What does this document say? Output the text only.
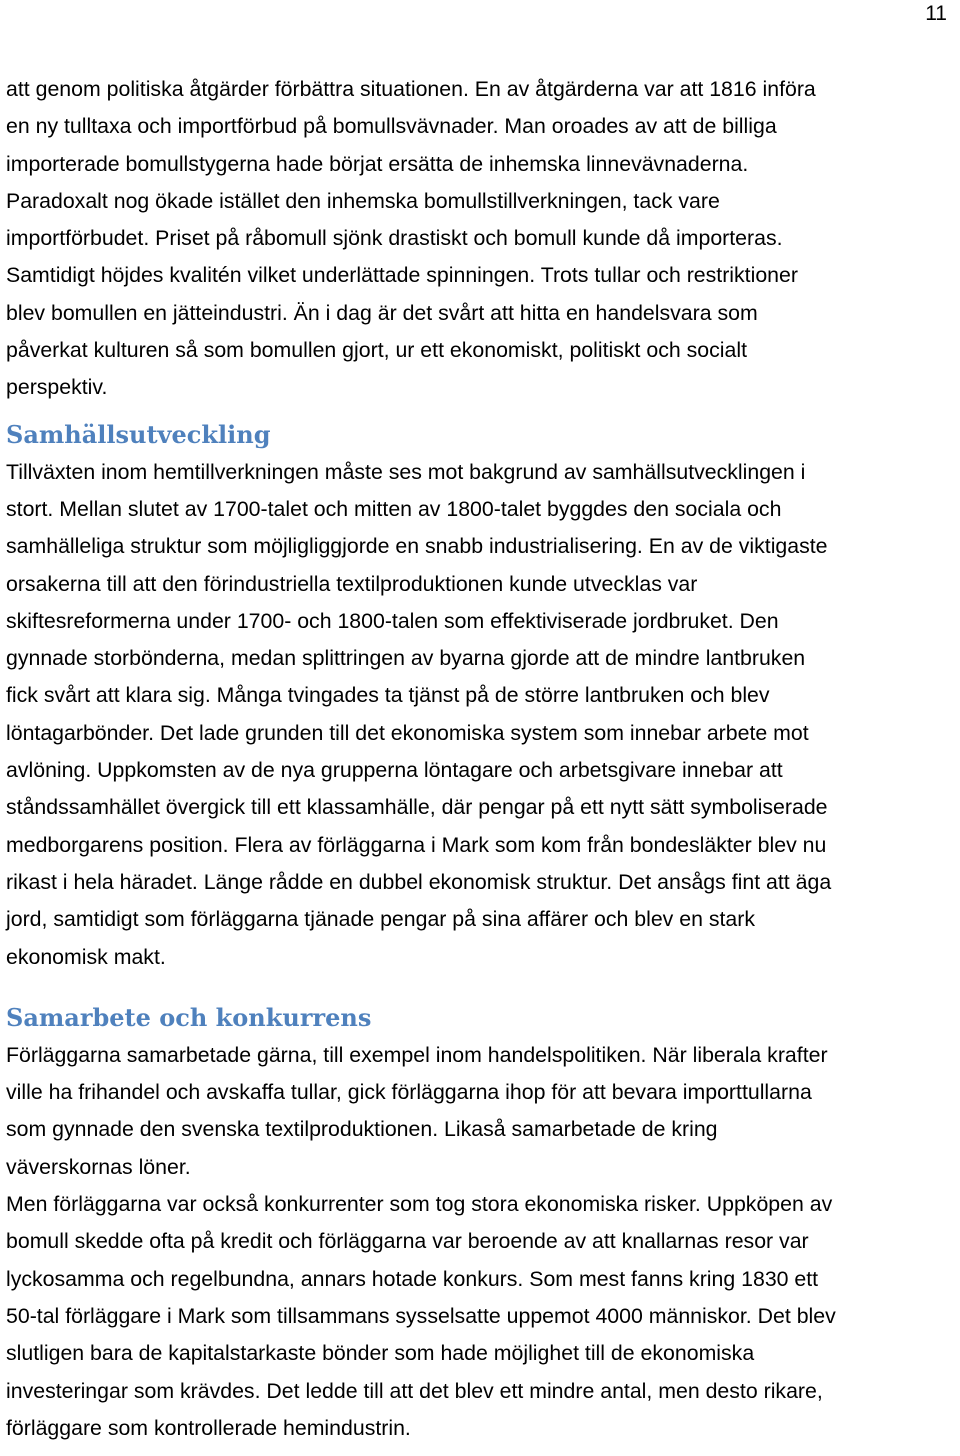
11
att genom politiska åtgärder förbättra situationen. En av åtgärderna var att 1816 införa
en ny tulltaxa och importförbud på bomullsvävnader. Man oroades av att de billiga
importerade bomullstygerna hade börjat ersätta de inhemska linnevävnaderna.
Paradoxalt nog ökade istället den inhemska bomullstillverkningen, tack vare
importförbudet. Priset på råbomull sjönk drastiskt och bomull kunde då importeras.
Samtidigt höjdes kvalitén vilket underlättade spinningen. Trots tullar och restriktioner
blev bomullen en jätteindustri. Än i dag är det svårt att hitta en handelsvara som
påverkat kulturen så som bomullen gjort, ur ett ekonomiskt, politiskt och socialt
perspektiv.
Samhällsutveckling
Tillväxten inom hemtillverkningen måste ses mot bakgrund av samhällsutvecklingen i
stort. Mellan slutet av 1700-talet och mitten av 1800-talet byggdes den sociala och
samhälleliga struktur som möjligliggjorde en snabb industrialisering. En av de viktigaste
orsakerna till att den förindustriella textilproduktionen kunde utvecklas var
skiftesreformerna under 1700- och 1800-talen som effektiviserade jordbruket. Den
gynnade storbönderna, medan splittringen av byarna gjorde att de mindre lantbruken
fick svårt att klara sig. Många tvingades ta tjänst på de större lantbruken och blev
löntagarbönder. Det lade grunden till det ekonomiska system som innebar arbete mot
avlöning. Uppkomsten av de nya grupperna löntagare och arbetsgivare innebar att
ståndssamhället övergick till ett klassamhälle, där pengar på ett nytt sätt symboliserade
medborgarens position. Flera av förläggarna i Mark som kom från bondesläkter blev nu
rikast i hela häradet. Länge rådde en dubbel ekonomisk struktur. Det ansågs fint att äga
jord, samtidigt som förläggarna tjänade pengar på sina affärer och blev en stark
ekonomisk makt.
Samarbete och konkurrens
Förläggarna samarbetade gärna, till exempel inom handelspolitiken. När liberala krafter
ville ha frihandel och avskaffa tullar, gick förläggarna ihop för att bevara importtullarna
som gynnade den svenska textilproduktionen. Likaså samarbetade de kring
väverskornas löner.
Men förläggarna var också konkurrenter som tog stora ekonomiska risker. Uppköpen av
bomull skedde ofta på kredit och förläggarna var beroende av att knallarnas resor var
lyckosamma och regelbundna, annars hotade konkurs. Som mest fanns kring 1830 ett
50-tal förläggare i Mark som tillsammans sysselsatte uppemot 4000 människor. Det blev
slutligen bara de kapitalstarkaste bönder som hade möjlighet till de ekonomiska
investeringar som krävdes. Det ledde till att det blev ett mindre antal, men desto rikare,
förläggare som kontrollerade hemindustrin.
